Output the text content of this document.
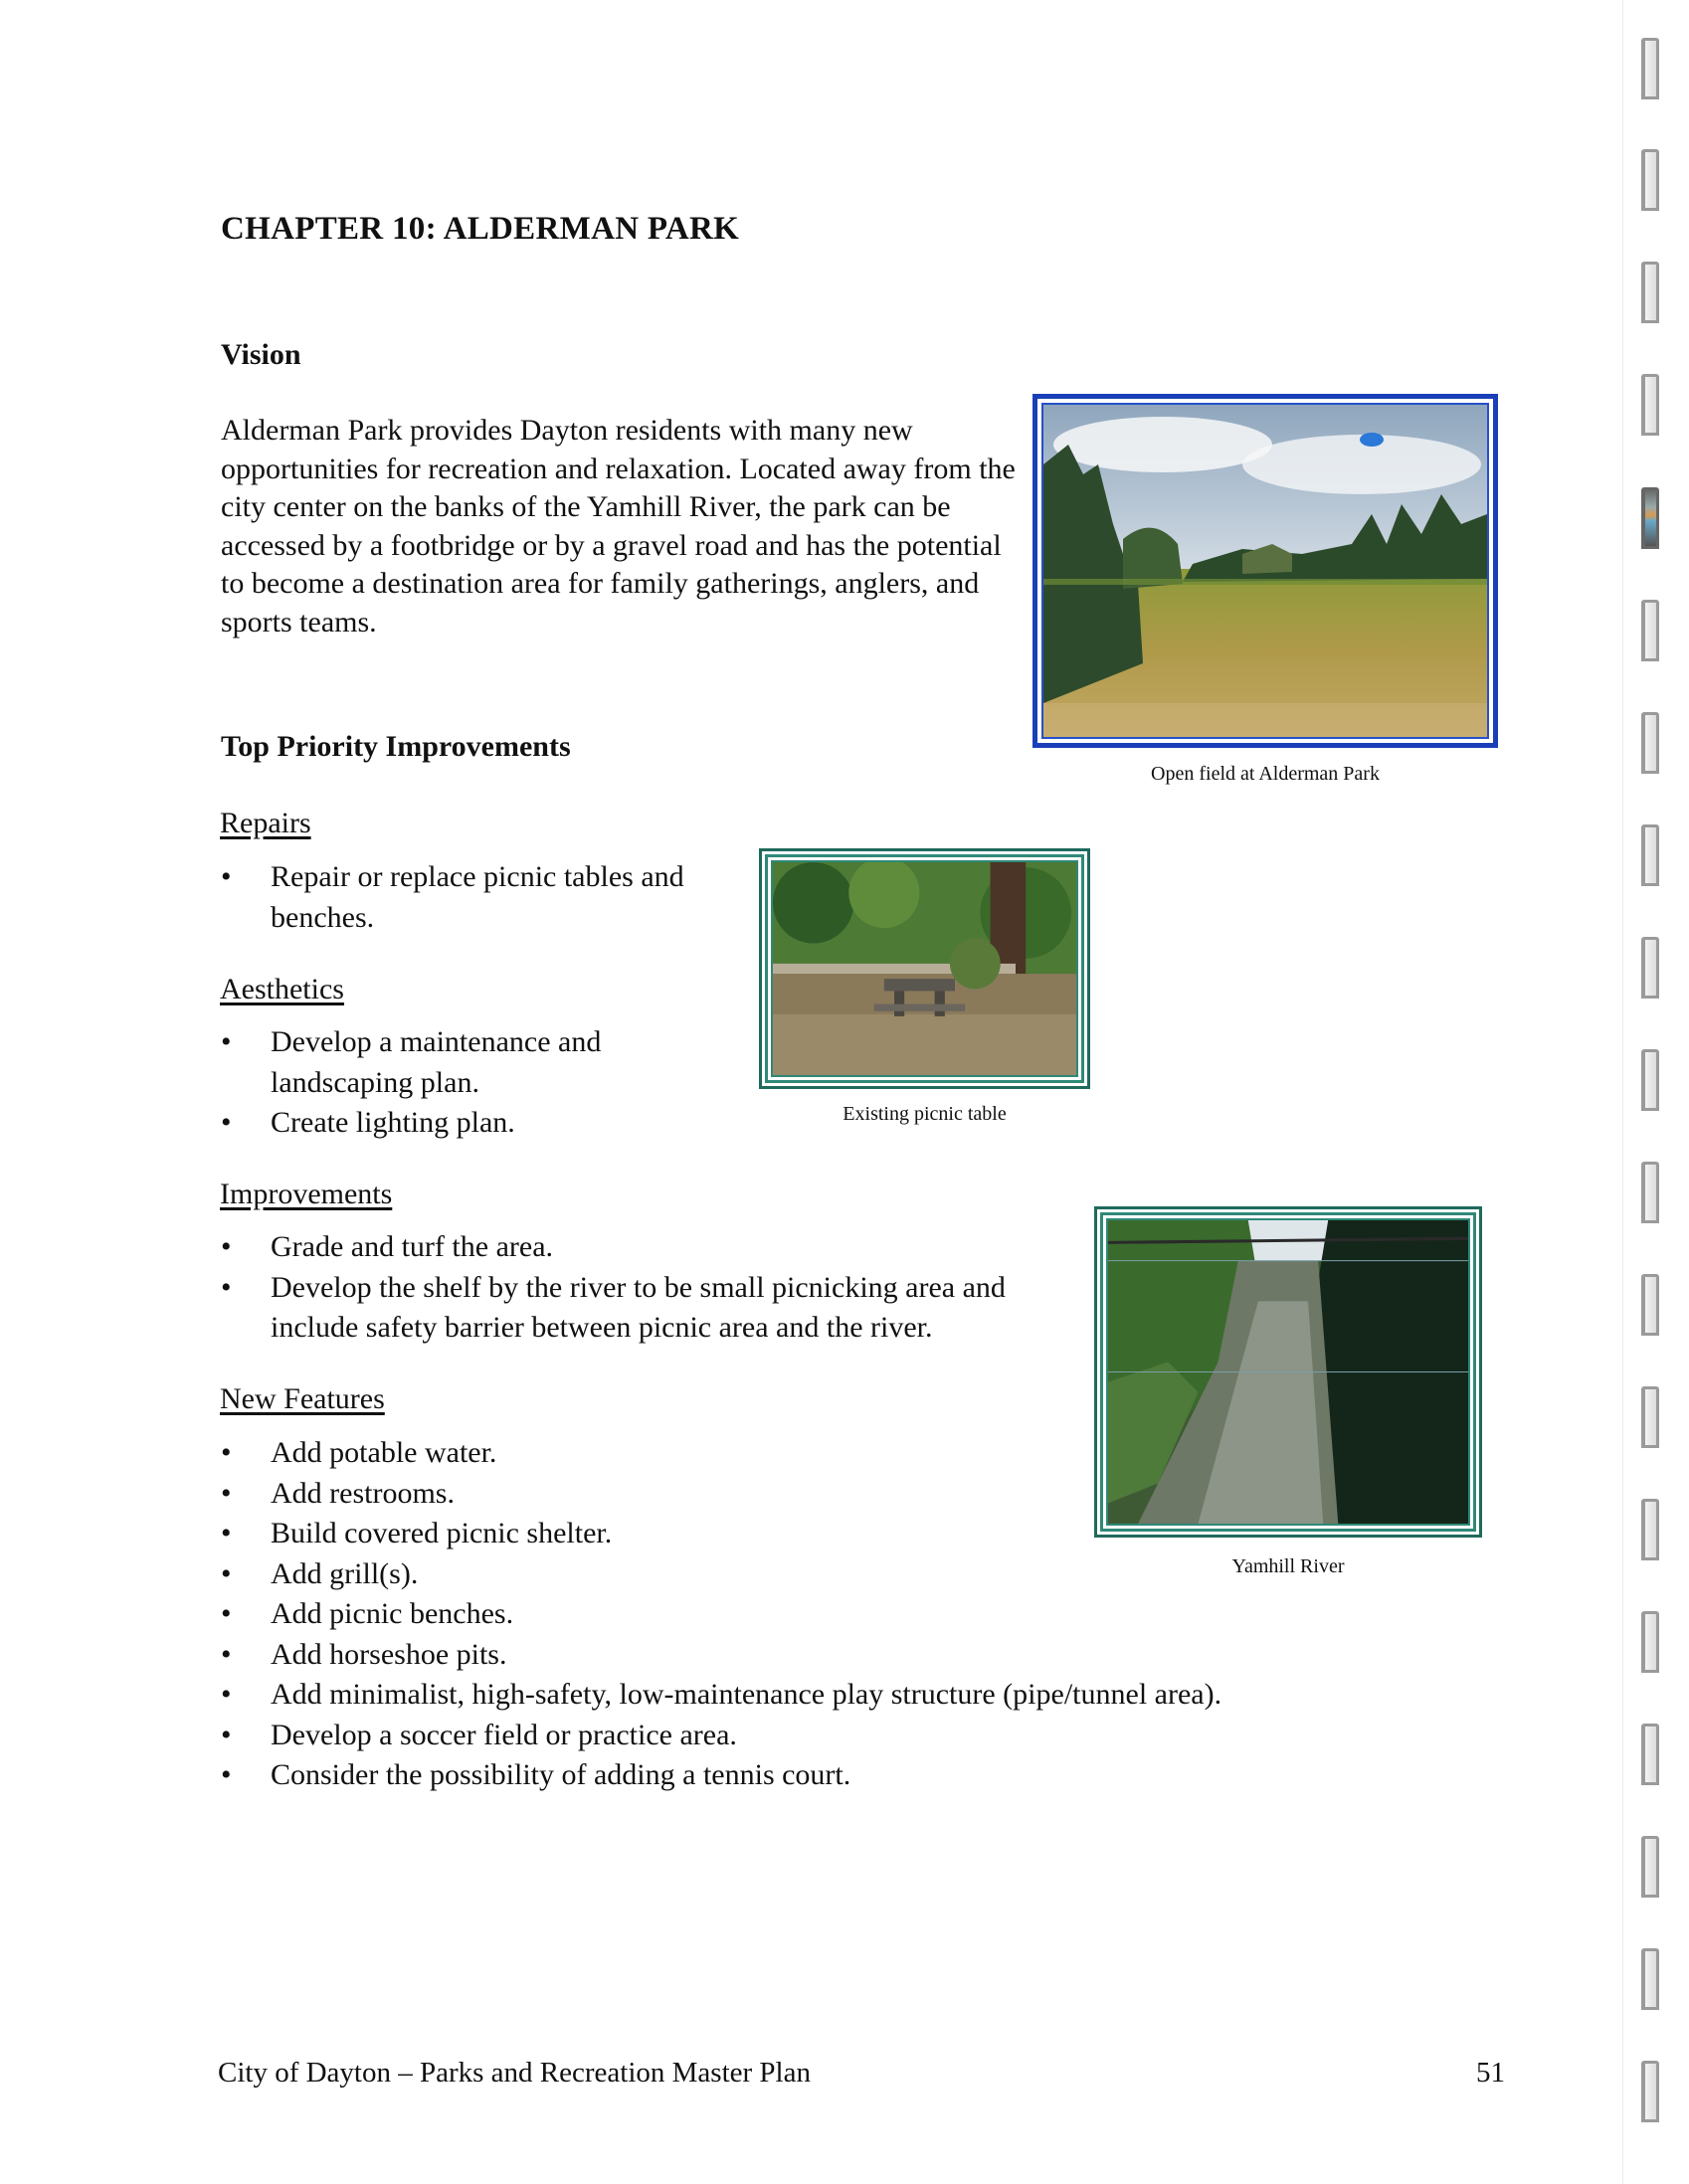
CHAPTER 10: ALDERMAN PARK
Vision
Alderman Park provides Dayton residents with many new opportunities for recreation and relaxation. Located away from the city center on the banks of the Yamhill River, the park can be accessed by a footbridge or by a gravel road and has the potential to become a destination area for family gatherings, anglers, and sports teams.
Open field at Alderman Park
Top Priority Improvements
Repairs
• Repair or replace picnic tables and benches.
Existing picnic table
Aesthetics
• Develop a maintenance and landscaping plan.
• Create lighting plan.
Improvements
• Grade and turf the area.
• Develop the shelf by the river to be small picnicking area and include safety barrier between picnic area and the river.
Yamhill River
New Features
• Add potable water.
• Add restrooms.
• Build covered picnic shelter.
• Add grill(s).
• Add picnic benches.
• Add horseshoe pits.
• Add minimalist, high-safety, low-maintenance play structure (pipe/tunnel area).
• Develop a soccer field or practice area.
• Consider the possibility of adding a tennis court.
City of Dayton – Parks and Recreation Master Plan	51
